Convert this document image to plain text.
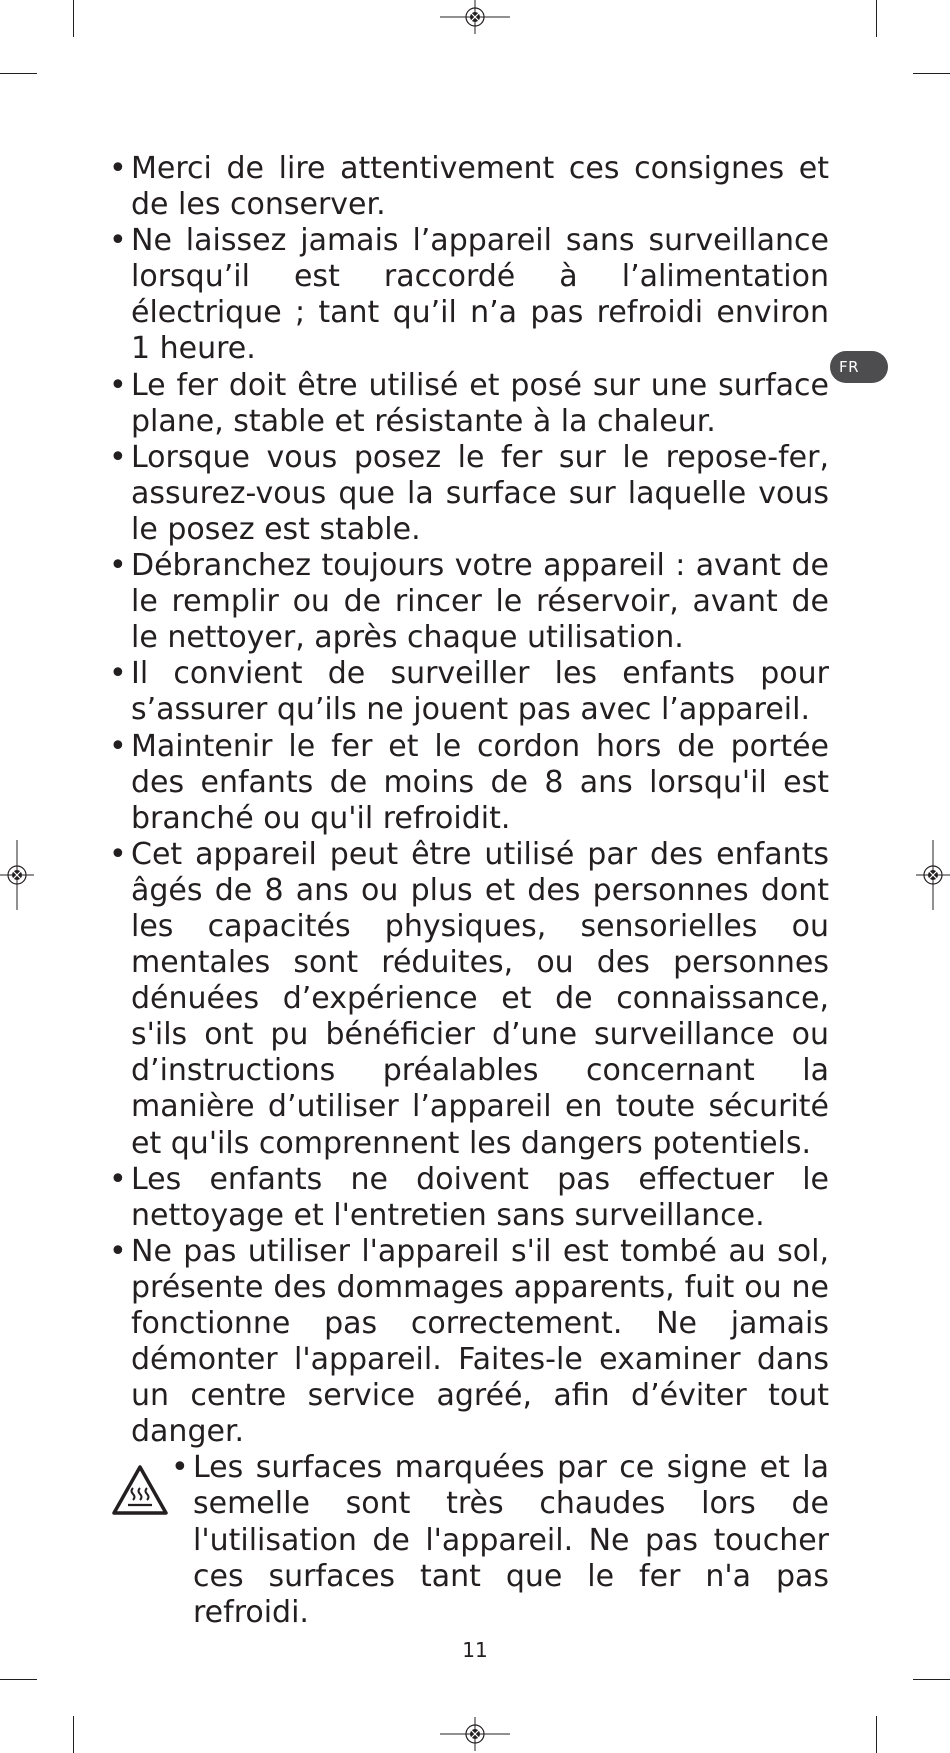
FR
• Merci de lire attentivement ces consignes et de les conserver.
• Ne laissez jamais l’appareil sans surveillance lorsqu’il est raccordé à l’alimentation électrique ; tant qu’il n’a pas refroidi environ 1 heure.
• Le fer doit être utilisé et posé sur une surface plane, stable et résistante à la chaleur.
• Lorsque vous posez le fer sur le repose-fer, assurez-vous que la surface sur laquelle vous le posez est stable.
• Débranchez toujours votre appareil : avant de le remplir ou de rincer le réservoir, avant de le nettoyer, après chaque utilisation.
• Il convient de surveiller les enfants pour s’assurer qu’ils ne jouent pas avec l’appareil.
• Maintenir le fer et le cordon hors de portée des enfants de moins de 8 ans lorsqu'il est branché ou qu'il refroidit.
• Cet appareil peut être utilisé par des enfants âgés de 8 ans ou plus et des personnes dont les capacités physiques, sensorielles ou mentales sont réduites, ou des personnes dénuées d’expérience et de connaissance, s'ils ont pu bénéficier d’une surveillance ou d’instructions préalables concernant la manière d’utiliser l’appareil en toute sécurité et qu'ils comprennent les dangers potentiels.
• Les enfants ne doivent pas effectuer le nettoyage et l'entretien sans surveillance.
• Ne pas utiliser l'appareil s'il est tombé au sol, présente des dommages apparents, fuit ou ne fonctionne pas correctement. Ne jamais démonter l'appareil. Faites-le examiner dans un centre service agréé, afin d’éviter tout danger.
• Les surfaces marquées par ce signe et la semelle sont très chaudes lors de l'utilisation de l'appareil. Ne pas toucher ces surfaces tant que le fer n'a pas refroidi.
11
